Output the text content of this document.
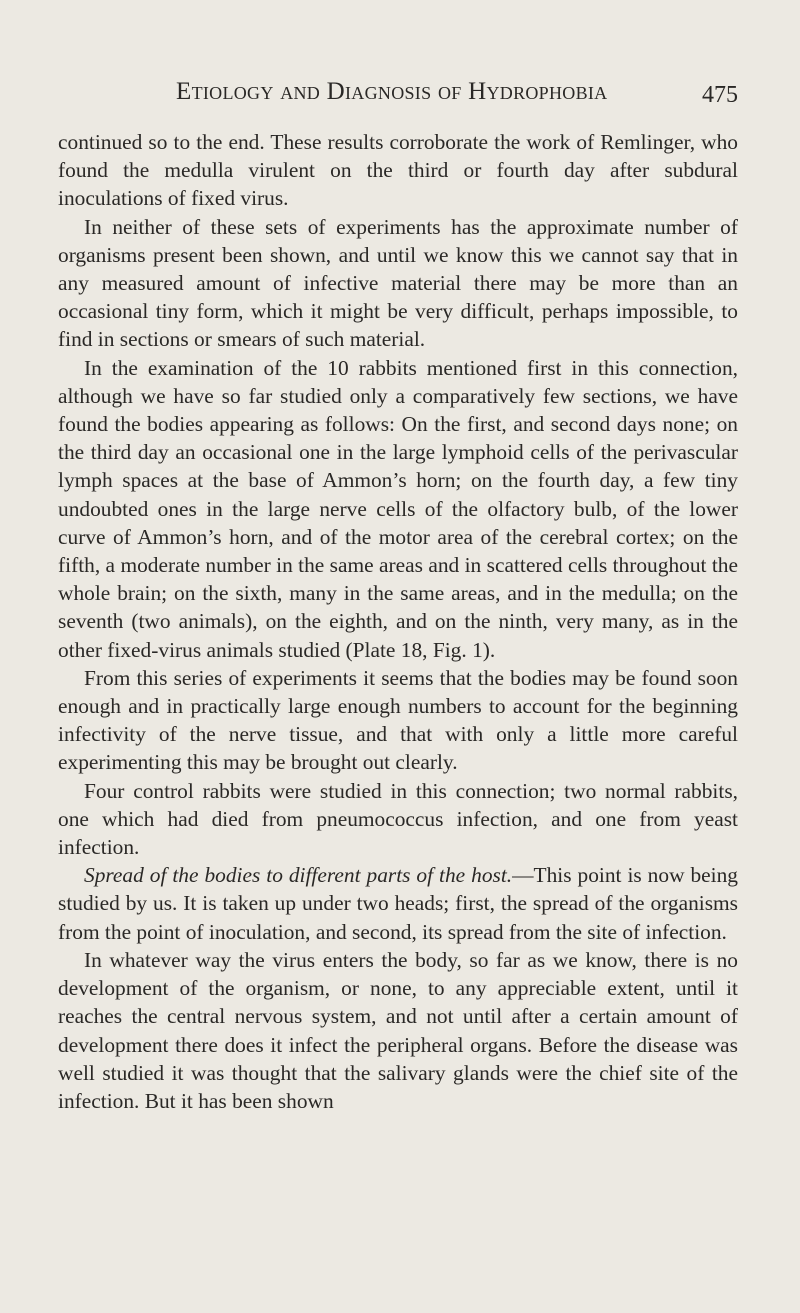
Etiology and Diagnosis of Hydrophobia	475

continued so to the end. These results corroborate the work of Remlinger, who found the medulla virulent on the third or fourth day after subdural inoculations of fixed virus.

In neither of these sets of experiments has the approximate number of organisms present been shown, and until we know this we cannot say that in any measured amount of infective material there may be more than an occasional tiny form, which it might be very difficult, perhaps impossible, to find in sections or smears of such material.

In the examination of the 10 rabbits mentioned first in this connection, although we have so far studied only a comparatively few sections, we have found the bodies appearing as follows: On the first, and second days none; on the third day an occasional one in the large lymphoid cells of the perivascular lymph spaces at the base of Ammon’s horn; on the fourth day, a few tiny undoubted ones in the large nerve cells of the olfactory bulb, of the lower curve of Ammon’s horn, and of the motor area of the cerebral cortex; on the fifth, a moderate number in the same areas and in scattered cells throughout the whole brain; on the sixth, many in the same areas, and in the medulla; on the seventh (two animals), on the eighth, and on the ninth, very many, as in the other fixed-virus animals studied (Plate 18, Fig. 1).

From this series of experiments it seems that the bodies may be found soon enough and in practically large enough numbers to account for the beginning infectivity of the nerve tissue, and that with only a little more careful experimenting this may be brought out clearly.

Four control rabbits were studied in this connection; two normal rabbits, one which had died from pneumococcus infection, and one from yeast infection.

Spread of the bodies to different parts of the host.—This point is now being studied by us. It is taken up under two heads; first, the spread of the organisms from the point of inoculation, and second, its spread from the site of infection.

In whatever way the virus enters the body, so far as we know, there is no development of the organism, or none, to any appreciable extent, until it reaches the central nervous system, and not until after a certain amount of development there does it infect the peripheral organs. Before the disease was well studied it was thought that the salivary glands were the chief site of the infection. But it has been shown
